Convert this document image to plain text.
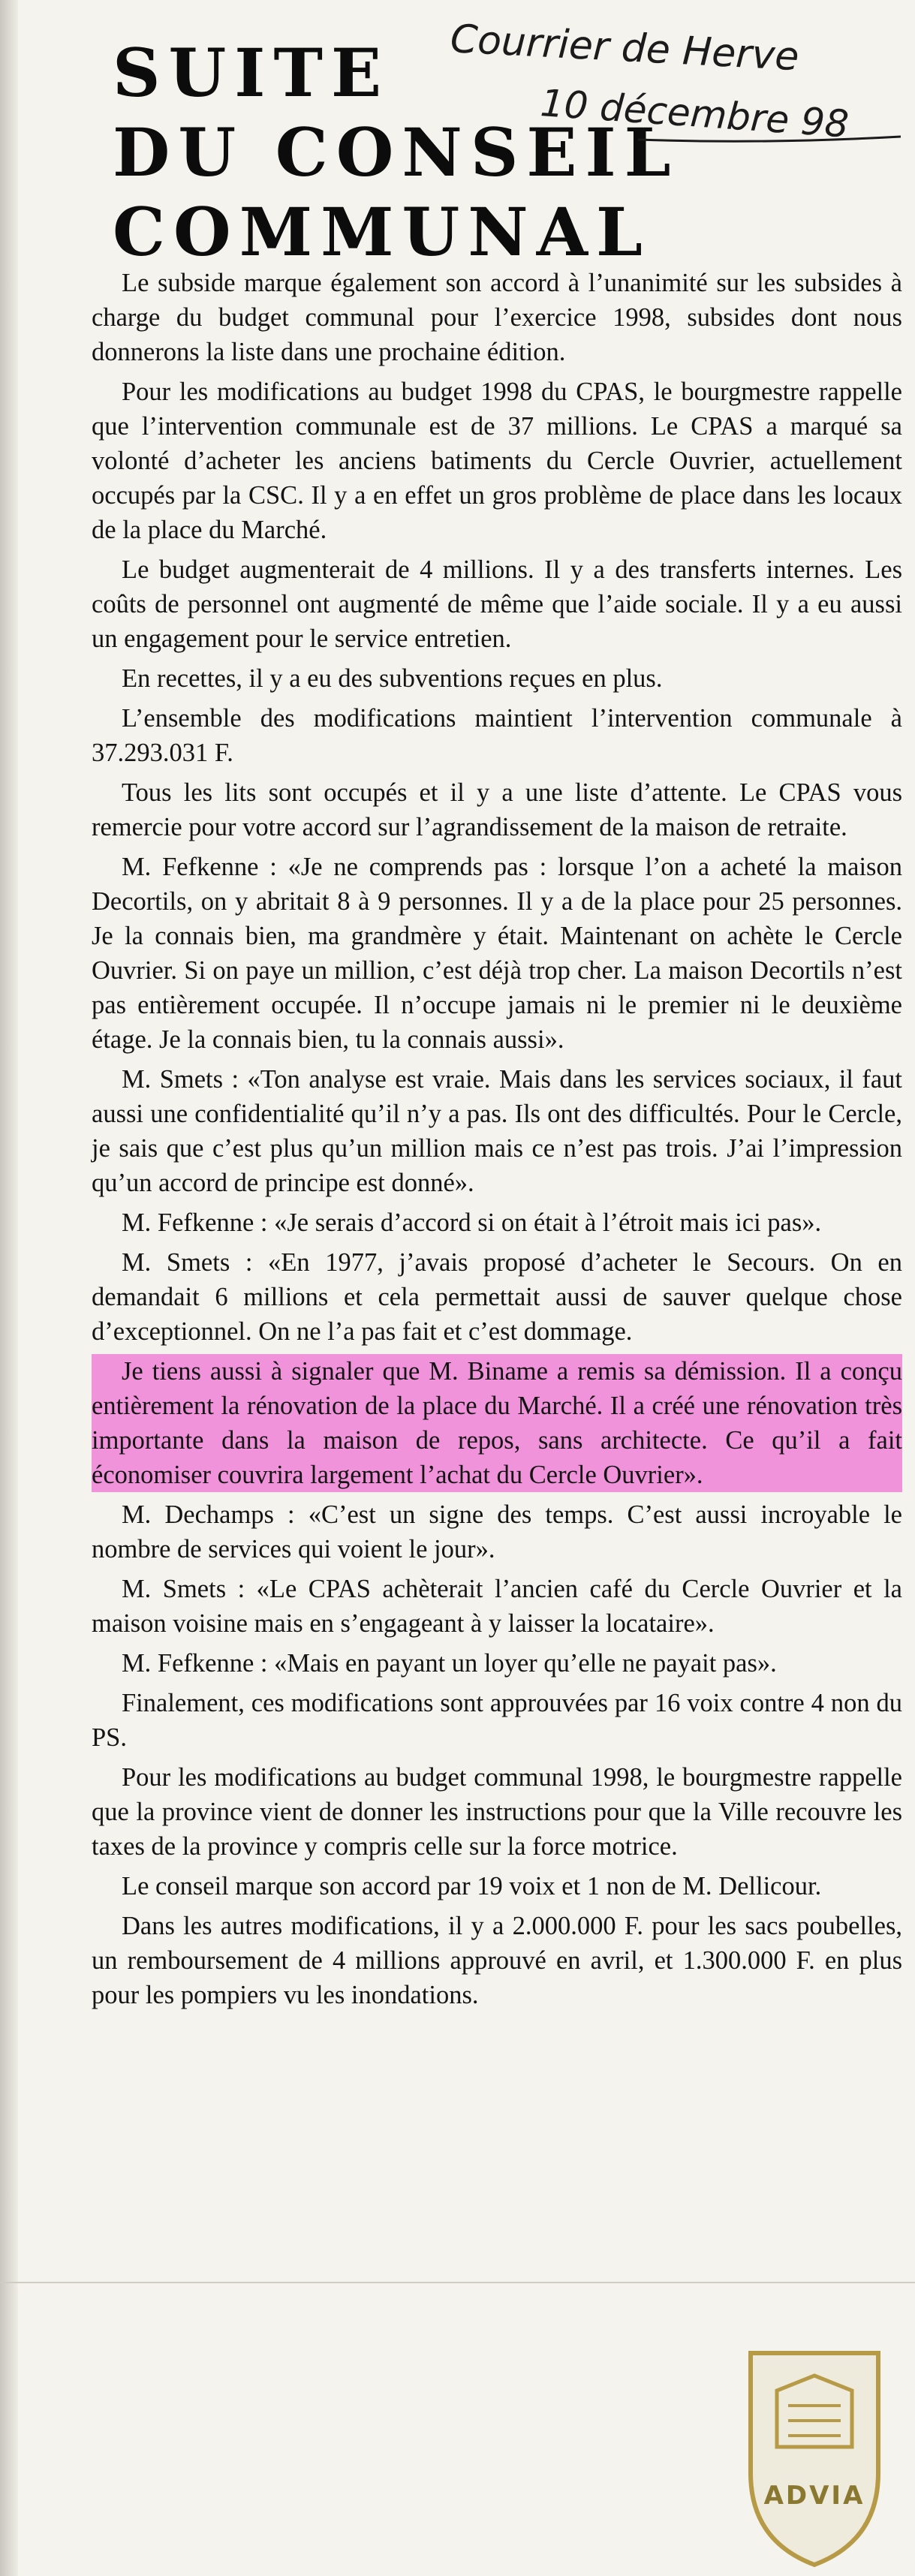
SUITE
DU CONSEIL
COMMUNAL
Courrier de Herve
10 décembre 98

Le subside marque également son accord à l’unanimité sur les subsides à charge du budget communal pour l’exercice 1998, subsides dont nous donnerons la liste dans une prochaine édition.

Pour les modifications au budget 1998 du CPAS, le bourgmestre rappelle que l’intervention communale est de 37 millions. Le CPAS a marqué sa volonté d’acheter les anciens batiments du Cercle Ouvrier, actuellement occupés par la CSC. Il y a en effet un gros problème de place dans les locaux de la place du Marché.

Le budget augmenterait de 4 millions. Il y a des transferts internes. Les coûts de personnel ont augmenté de même que l’aide sociale. Il y a eu aussi un engagement pour le service entretien.

En recettes, il y a eu des subventions reçues en plus.

L’ensemble des modifications maintient l’intervention communale à 37.293.031 F.

Tous les lits sont occupés et il y a une liste d’attente. Le CPAS vous remercie pour votre accord sur l’agrandissement de la maison de retraite.

M. Fefkenne : «Je ne comprends pas : lorsque l’on a acheté la maison Decortils, on y abritait 8 à 9 personnes. Il y a de la place pour 25 personnes. Je la connais bien, ma grandmère y était. Maintenant on achète le Cercle Ouvrier. Si on paye un million, c’est déjà trop cher. La maison Decortils n’est pas entièrement occupée. Il n’occupe jamais ni le premier ni le deuxième étage. Je la connais bien, tu la connais aussi».

M. Smets : «Ton analyse est vraie. Mais dans les services sociaux, il faut aussi une confidentialité qu’il n’y a pas. Ils ont des difficultés. Pour le Cercle, je sais que c’est plus qu’un million mais ce n’est pas trois. J’ai l’impression qu’un accord de principe est donné».

M. Fefkenne : «Je serais d’accord si on était à l’étroit mais ici pas».

M. Smets : «En 1977, j’avais proposé d’acheter le Secours. On en demandait 6 millions et cela permettait aussi de sauver quelque chose d’exceptionnel. On ne l’a pas fait et c’est dommage.

Je tiens aussi à signaler que M. Biname a remis sa démission. Il a conçu entièrement la rénovation de la place du Marché. Il a créé une rénovation très importante dans la maison de repos, sans architecte. Ce qu’il a fait économiser couvrira largement l’achat du Cercle Ouvrier».

M. Dechamps : «C’est un signe des temps. C’est aussi incroyable le nombre de services qui voient le jour».

M. Smets : «Le CPAS achèterait l’ancien café du Cercle Ouvrier et la maison voisine mais en s’engageant à y laisser la locataire».

M. Fefkenne : «Mais en payant un loyer qu’elle ne payait pas».

Finalement, ces modifications sont approuvées par 16 voix contre 4 non du PS.

Pour les modifications au budget communal 1998, le bourgmestre rappelle que la province vient de donner les instructions pour que la Ville recouvre les taxes de la province y compris celle sur la force motrice.

Le conseil marque son accord par 19 voix et 1 non de M. Dellicour.

Dans les autres modifications, il y a 2.000.000 F. pour les sacs poubelles, un remboursement de 4 millions approuvé en avril, et 1.300.000 F. en plus pour les pompiers vu les inondations.

ADVIA
